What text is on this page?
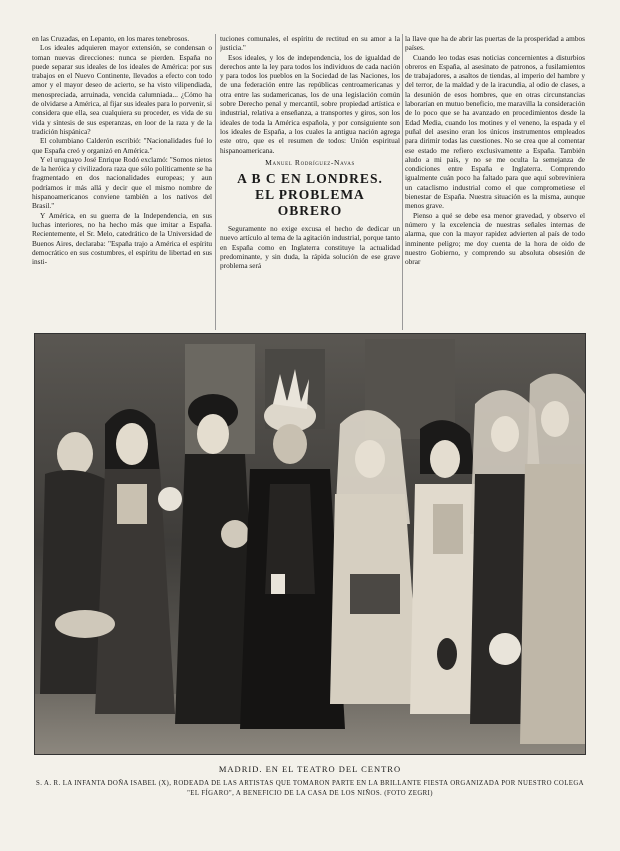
en las Cruzadas, en Lepanto, en los mares tenebrosos.

Los ideales adquieren mayor extensión, se condensan o toman nuevas direcciones: nunca se pierden. España no puede separar sus ideales de los ideales de América: por sus trabajos en el Nuevo Continente, llevados a efecto con todo amor y el mayor deseo de acierto, se ha visto vilipendiada, menospreciada, arruinada, vencida calumniada... ¿Cómo ha de olvidarse a América, al fijar sus ideales para lo porvenir, si considera que ella, sea cualquiera su proceder, es vida de su vida y síntesis de sus esperanzas, en loor de la raza y de la tradición hispánica?

El columbiano Calderón escribió: "Nacionalidades fué lo que España creó y organizó en América."

Y el uruguayo José Enrique Rodó exclamó: "Somos nietos de la heróica y civilizadora raza que sólo políticamente se ha fragmentado en dos nacionalidades europeas; y aun podríamos ir más allá y decir que el mismo nombre de hispanoamericanos conviene también a los nativos del Brasil."

Y América, en su guerra de la Independencia, en sus luchas interiores, no ha hecho más que imitar a España. Recientemente, el Sr. Melo, catedrático de la Universidad de Buenos Aires, declaraba: "España trajo a América el espíritu democrático en sus costumbres, el espíritu de libertad en sus insti-

tuciones comunales, el espíritu de rectitud en su amor a la justicia."

Esos ideales, y los de independencia, los de igualdad de derechos ante la ley para todos los individuos de cada nación y para todos los pueblos en la Sociedad de las Naciones, los de una federación entre las repúblicas centroamericanas y otra entre las sudamericanas, los de una legislación común sobre Derecho penal y mercantil, sobre propiedad artística e industrial, relativa a enseñanza, a transportes y giros, son los ideales de toda la América española, y por consiguiente son los ideales de España, a los cuales la antigua nación agrega este otro, que es el resumen de todos: Unión espiritual hispanoamericana.

Manuel Rodríguez-Navas
A B C EN LONDRES.
EL PROBLEMA
OBRERO

Seguramente no exige excusa el hecho de dedicar un nuevo artículo al tema de la agitación industrial, porque tanto en España como en Inglaterra constituye la actualidad predominante, y sin duda, la rápida solución de ese grave problema será

la llave que ha de abrir las puertas de la prosperidad a ambos países.

Cuando leo todas esas noticias concernientes a disturbios obreros en España, al asesinato de patronos, a fusilamientos de trabajadores, a asaltos de tiendas, al imperio del hambre y del terror, de la maldad y de la iracundia, al odio de clases, a la desunión de esos hombres, que en otras circunstancias laborarían en mutuo beneficio, me maravilla la consideración de lo poco que se ha avanzado en procedimientos desde la Edad Media, cuando los motines y el veneno, la espada y el puñal del asesino eran los únicos instrumentos empleados para dirimir todas las cuestiones. No se crea que al comentar ese estado me refiero exclusivamente a España. También aludo a mi país, y no se me oculta la semejanza de condiciones entre España e Inglaterra. Comprendo igualmente cuán poco ha faltado para que aquí sobreviniera un cataclismo industrial como el que comprometiese el bienestar de España. Nuestra situación es la misma, aunque menos grave.

Pienso a qué se debe esa menor gravedad, y observo el número y la excelencia de nuestras señales internas de alarma, que con la mayor rapidez advierten al país de todo inminente peligro; me doy cuenta de la hora de oido de nuestro Gobierno, y comprendo su absoluta obsesión de obrar

MADRID. EN EL TEATRO DEL CENTRO
S. A. R. LA INFANTA DOÑA ISABEL (X), RODEADA DE LAS ARTISTAS QUE TOMARON PARTE EN LA BRILLANTE FIESTA ORGANIZADA POR NUESTRO COLEGA "EL FÍGARO", A BENEFICIO DE LA CASA DE LOS NIÑOS. (FOTO ZEGRI)
